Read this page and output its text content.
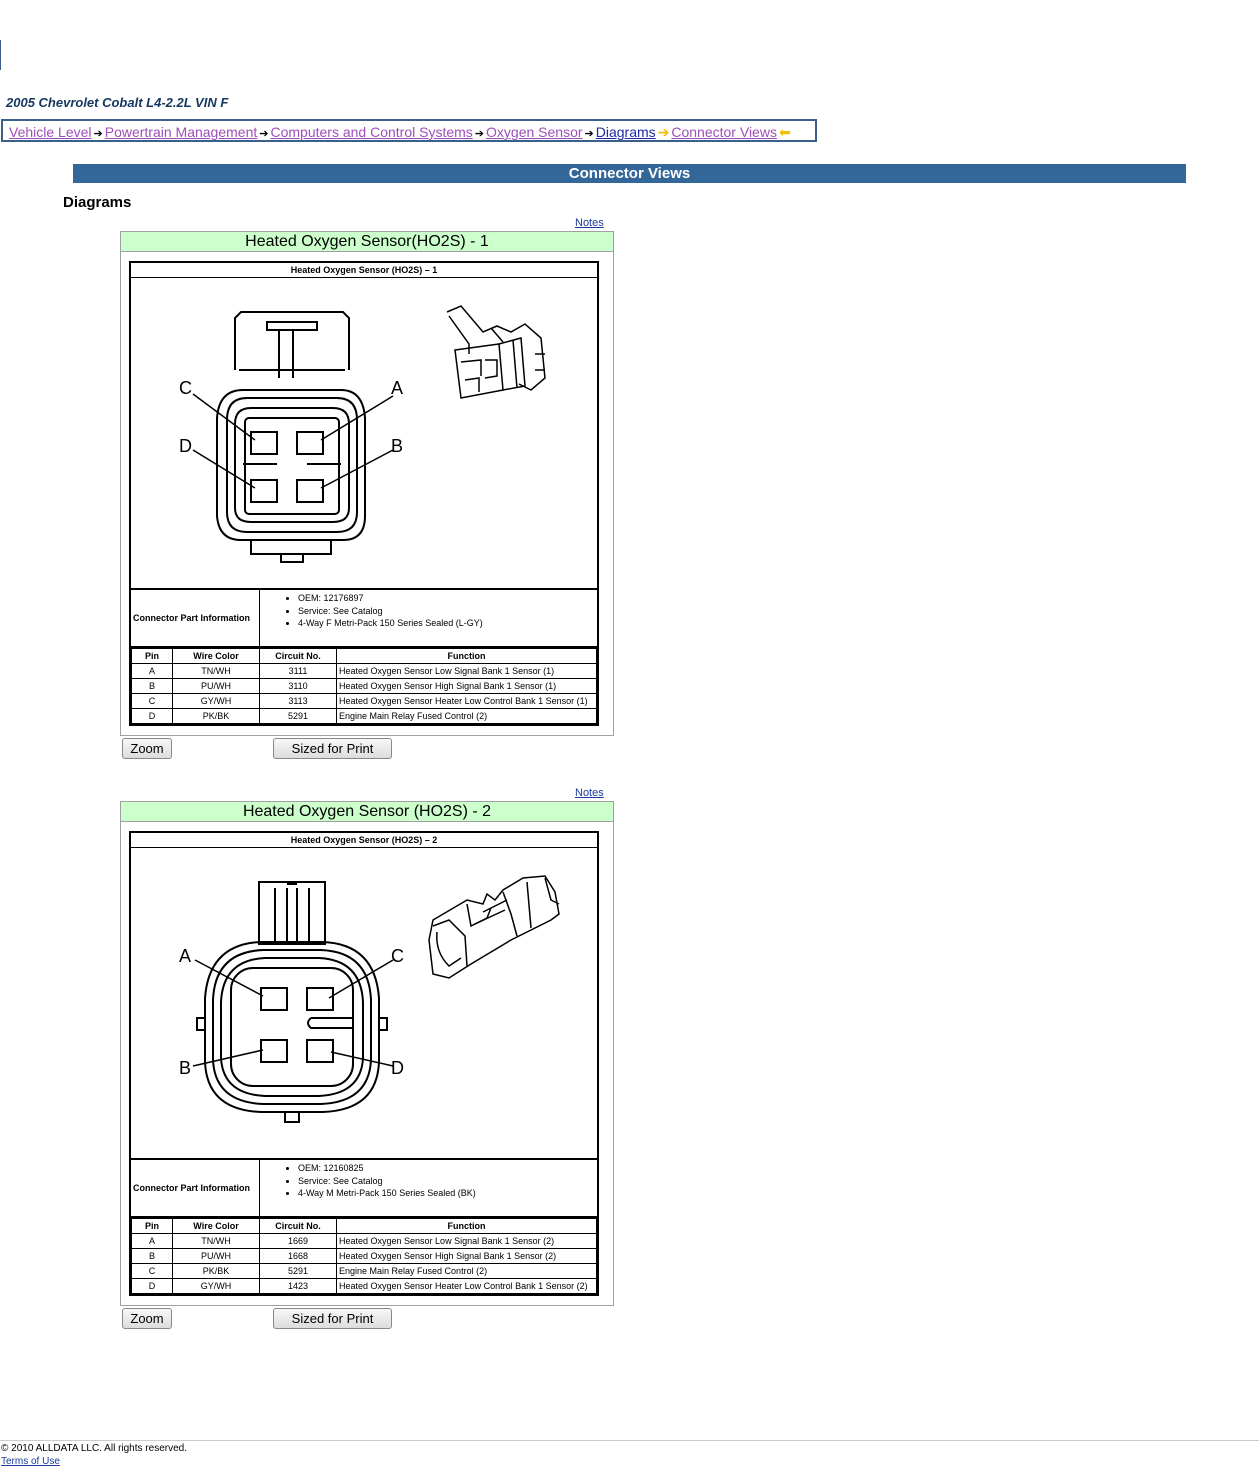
2005 Chevrolet Cobalt L4-2.2L VIN F
Vehicle Level ➔ Powertrain Management ➔ Computers and Control Systems ➔ Oxygen Sensor ➔ Diagrams ➔ Connector Views ⬅
Connector Views
Diagrams
Notes
Heated Oxygen Sensor(HO2S) - 1
Heated Oxygen Sensor (HO2S) – 1
C	A
D	B
Connector Part Information
• OEM: 12176897
• Service: See Catalog
• 4-Way F Metri-Pack 150 Series Sealed (L-GY)
Pin	Wire Color	Circuit No.	Function
A	TN/WH	3111	Heated Oxygen Sensor Low Signal Bank 1 Sensor (1)
B	PU/WH	3110	Heated Oxygen Sensor High Signal Bank 1 Sensor (1)
C	GY/WH	3113	Heated Oxygen Sensor Heater Low Control Bank 1 Sensor (1)
D	PK/BK	5291	Engine Main Relay Fused Control (2)
Zoom	Sized for Print
Notes
Heated Oxygen Sensor (HO2S) - 2
Heated Oxygen Sensor (HO2S) – 2
A	C
B	D
Connector Part Information
• OEM: 12160825
• Service: See Catalog
• 4-Way M Metri-Pack 150 Series Sealed (BK)
Pin	Wire Color	Circuit No.	Function
A	TN/WH	1669	Heated Oxygen Sensor Low Signal Bank 1 Sensor (2)
B	PU/WH	1668	Heated Oxygen Sensor High Signal Bank 1 Sensor (2)
C	PK/BK	5291	Engine Main Relay Fused Control (2)
D	GY/WH	1423	Heated Oxygen Sensor Heater Low Control Bank 1 Sensor (2)
Zoom	Sized for Print
© 2010 ALLDATA LLC. All rights reserved.
Terms of Use
